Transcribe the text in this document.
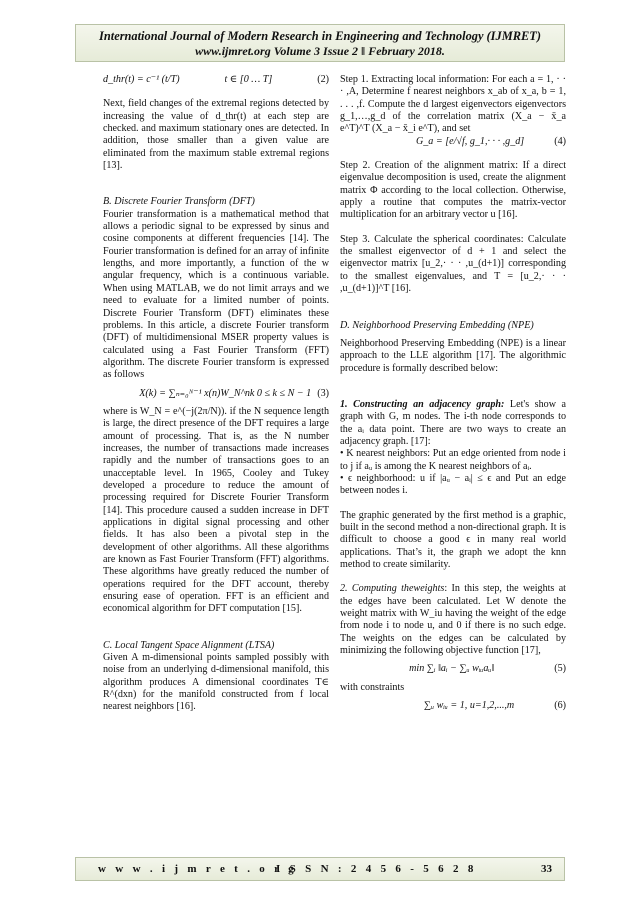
International Journal of Modern Research in Engineering and Technology (IJMRET)
www.ijmret.org Volume 3 Issue 2 ǁ February 2018.
d_thr(t) = c⁻¹ (t/T)	t ∈ [0 … T]	(2)

Next, field changes of the extremal regions detected by increasing the value of d_thr(t) at each step are checked. and maximum stationary ones are detected. In addition, those smaller than a given value are eliminated from the maximum stable extremal regions [13].

B. Discrete Fourier Transform (DFT)

Fourier transformation is a mathematical method that allows a periodic signal to be expressed by sinus and cosine components at different frequencies [14]. The Fourier transformation is defined for an array of infinite lengths, and more importantly, a function of the w angular frequency, which is a continuous variable. When using MATLAB, we do not limit arrays and we need to evaluate for a limited number of points. Discrete Fourier Transform (DFT) eliminates these problems. In this article, a discrete Fourier transform (DFT) of multidimensional MSER property values is calculated using a Fast Fourier Transform (FFT) algorithm. The discrete Fourier transform is expressed as follows

X(k) = ∑ₙ₌₀ᴺ⁻¹ x(n)W_N^nk 0 ≤ k ≤ N − 1 (3)

where is W_N = e^(−j(2π/N)). if the N sequence length is large, the direct presence of the DFT requires a large amount of processing. That is, as the N number increases, the number of transactions made increases rapidly and the number of transactions goes to an unacceptable level. In 1965, Cooley and Tukey developed a procedure to reduce the amount of processing required for Discrete Fourier Transform [14]. This procedure caused a sudden increase in DFT applications in digital signal processing and other fields. It has also been a pivotal step in the development of other algorithms. All these algorithms are known as Fast Fourier Transform (FFT) algorithms. These algorithms have greatly reduced the number of operations required for the DFT account, thereby ensuring ease of operation. FFT is an efficient and economical algorithm for DFT computation [15].

C. Local Tangent Space Alignment (LTSA)

Given A m-dimensional points sampled possibly with noise from an underlying d-dimensional manifold, this algorithm produces A dimensional coordinates T∈ R^(dxn) for the manifold constructed from f local nearest neighbors [16].

Step 1. Extracting local information: For each a = 1, · · · ,A, Determine f nearest neighbors x_ab of x_a, b = 1, . . . ,f. Compute the d largest eigenvectors eigenvectors g_1,…,g_d of the correlation matrix (X_a − x̄_a e^T)^T (X_a − x̄_i e^T), and set

G_a = [e/√f, g_1,· · · ,g_d]	(4)

Step 2. Creation of the alignment matrix: If a direct eigenvalue decomposition is used, create the alignment matrix Φ according to the local collection. Otherwise, apply a routine that computes the matrix-vector multiplication for an arbitrary vector u [16].

Step 3. Calculate the spherical coordinates: Calculate the smallest eigenvector of d + 1 and select the eigenvector matrix [u_2,· · · ,u_(d+1)] corresponding to the smallest eigenvalues, and T = [u_2,· · · ,u_(d+1)]^T [16].

D. Neighborhood Preserving Embedding (NPE)

Neighborhood Preserving Embedding (NPE) is a linear approach to the LLE algorithm [17]. The algorithmic procedure is formally described below:

1. Constructing an adjacency graph: Let's show a graph with G, m nodes. The i-th node corresponds to the aᵢ data point. There are two ways to create an adjacency graph. [17]:

• K nearest neighbors: Put an edge oriented from node i to j if aᵤ is among the K nearest neighbors of aᵢ.

• ϵ neighborhood: u if |aᵤ − aᵢ| ≤ ϵ and Put an edge between nodes i.

The graphic generated by the first method is a graphic, built in the second method a non-directional graph. It is difficult to choose a good ϵ in many real world applications. That’s it, the graph we adopt the knn method to create similarity.

2. Computing theweights: In this step, the weights at the edges have been calculated. Let W denote the weight matrix with W_iu having the weight of the edge from node i to node u, and 0 if there is no such edge. The weights on the edges can be calculated by minimizing the following objective function [17],

min ∑ᵢ ‖aᵢ − ∑ᵤ wᵢᵤaᵤ‖	(5)

with constraints

∑ᵤ wᵢᵤ = 1, u=1,2,...,m	(6)
w w w . i j m r e t . o r g
I S S N : 2 4 5 6 - 5 6 2 8	33
